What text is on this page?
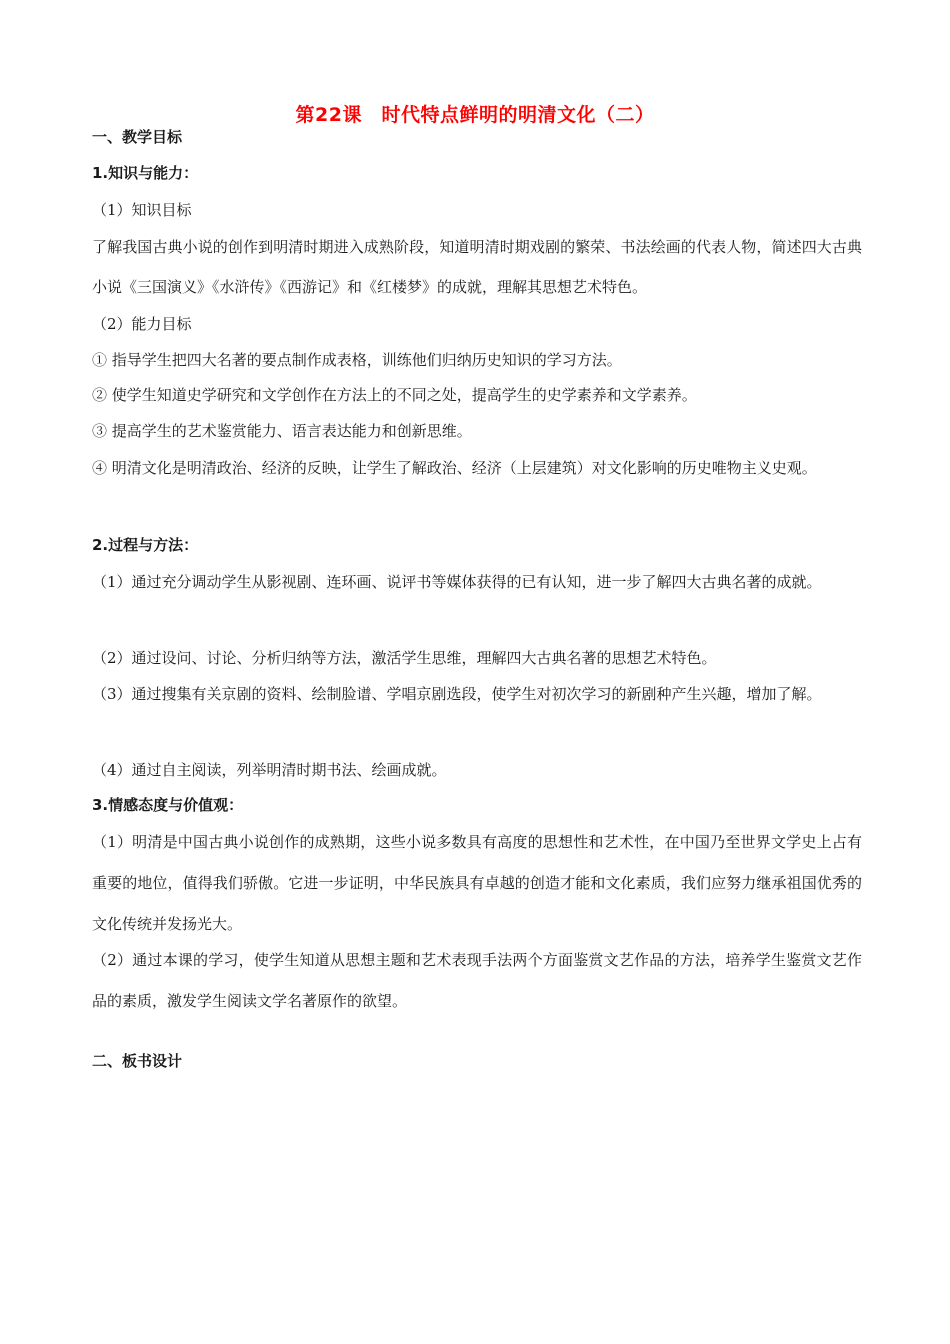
第22课　时代特点鲜明的明清文化（二）
一、教学目标
1.知识与能力：
（1）知识目标
了解我国古典小说的创作到明清时期进入成熟阶段，知道明清时期戏剧的繁荣、书法绘画的代表人物，简述四大古典小说《三国演义》《水浒传》《西游记》和《红楼梦》的成就，理解其思想艺术特色。
（2）能力目标
① 指导学生把四大名著的要点制作成表格，训练他们归纳历史知识的学习方法。
② 使学生知道史学研究和文学创作在方法上的不同之处，提高学生的史学素养和文学素养。
③ 提高学生的艺术鉴赏能力、语言表达能力和创新思维。
④ 明清文化是明清政治、经济的反映，让学生了解政治、经济（上层建筑）对文化影响的历史唯物主义史观。
2.过程与方法：
（1）通过充分调动学生从影视剧、连环画、说评书等媒体获得的已有认知，进一步了解四大古典名著的成就。
（2）通过设问、讨论、分析归纳等方法，激活学生思维，理解四大古典名著的思想艺术特色。
（3）通过搜集有关京剧的资料、绘制脸谱、学唱京剧选段，使学生对初次学习的新剧种产生兴趣，增加了解。
（4）通过自主阅读，列举明清时期书法、绘画成就。
3.情感态度与价值观：
（1）明清是中国古典小说创作的成熟期，这些小说多数具有高度的思想性和艺术性，在中国乃至世界文学史上占有重要的地位，值得我们骄傲。它进一步证明，中华民族具有卓越的创造才能和文化素质，我们应努力继承祖国优秀的文化传统并发扬光大。
（2）通过本课的学习，使学生知道从思想主题和艺术表现手法两个方面鉴赏文艺作品的方法，培养学生鉴赏文艺作品的素质，激发学生阅读文学名著原作的欲望。
二、板书设计
